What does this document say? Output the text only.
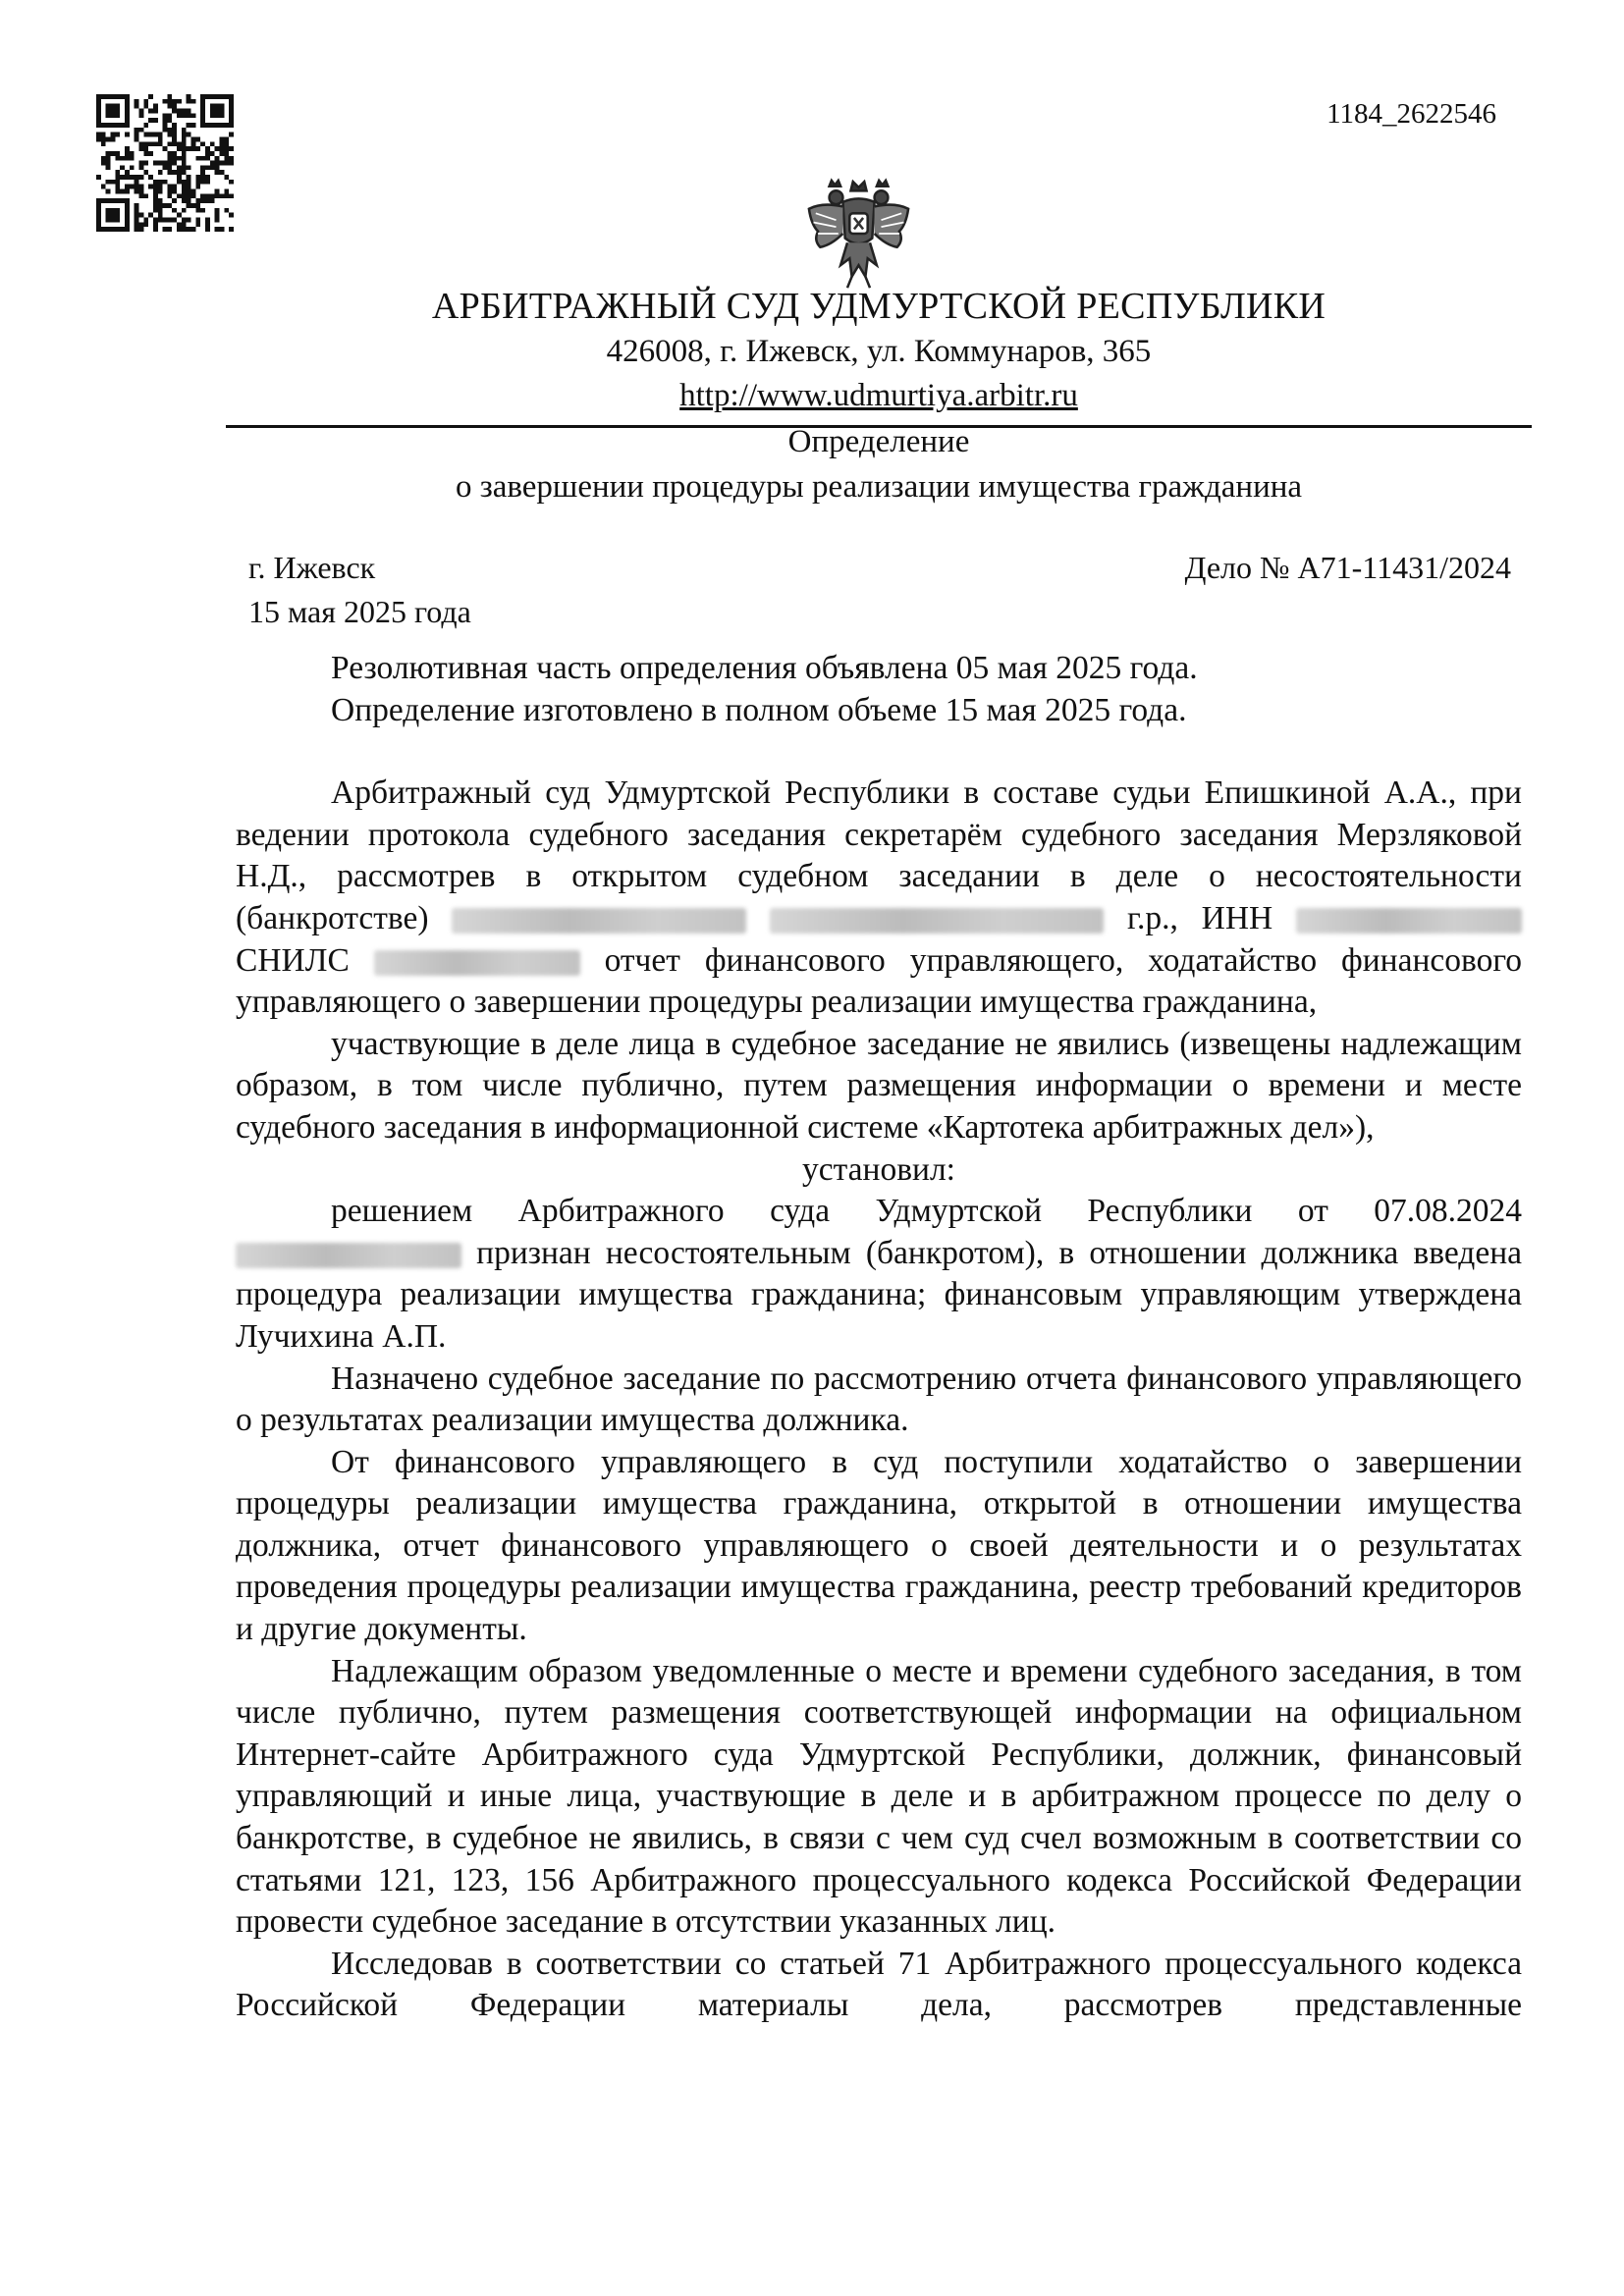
1184_2622546
АРБИТРАЖНЫЙ СУД УДМУРТСКОЙ РЕСПУБЛИКИ
426008, г. Ижевск, ул. Коммунаров, 365
http://www.udmurtiya.arbitr.ru
Определение
о завершении процедуры реализации имущества гражданина
г. Ижевск
15 мая 2025 года
Дело № А71-11431/2024

Резолютивная часть определения объявлена 05 мая 2025 года.

Определение изготовлено в полном объеме 15 мая 2025 года.

Арбитражный суд Удмуртской Республики в составе судьи Епишкиной А.А., при ведении протокола судебного заседания секретарём судебного заседания Мерзляковой Н.Д., рассмотрев в открытом судебном заседании в деле о несостоятельности (банкротстве)	г.р., ИНН  СНИЛС	отчет финансового управляющего, ходатайство финансового управляющего о завершении процедуры реализации имущества гражданина,

участвующие в деле лица в судебное заседание не явились (извещены надлежащим образом, в том числе публично, путем размещения информации о времени и месте судебного заседания в информационной системе «Картотека арбитражных дел»),

установил:

решением Арбитражного суда Удмуртской Республики от 07.08.2024  признан несостоятельным (банкротом), в отношении должника введена процедура реализации имущества гражданина; финансовым управляющим утверждена Лучихина А.П.

Назначено судебное заседание по рассмотрению отчета финансового управляющего о результатах реализации имущества должника.

От финансового управляющего в суд поступили ходатайство о завершении процедуры реализации имущества гражданина, открытой в отношении имущества должника, отчет финансового управляющего о своей деятельности и о результатах проведения процедуры реализации имущества гражданина, реестр требований кредиторов и другие документы.

Надлежащим образом уведомленные о месте и времени судебного заседания, в том числе публично, путем размещения соответствующей информации на официальном Интернет-сайте Арбитражного суда Удмуртской Республики, должник, финансовый управляющий и иные лица, участвующие в деле и в арбитражном процессе по делу о банкротстве, в судебное не явились, в связи с чем суд счел возможным в соответствии со статьями 121, 123, 156 Арбитражного процессуального кодекса Российской Федерации провести судебное заседание в отсутствии указанных лиц.

Исследовав в соответствии со статьей 71 Арбитражного процессуального кодекса Российской Федерации материалы дела, рассмотрев представленные
